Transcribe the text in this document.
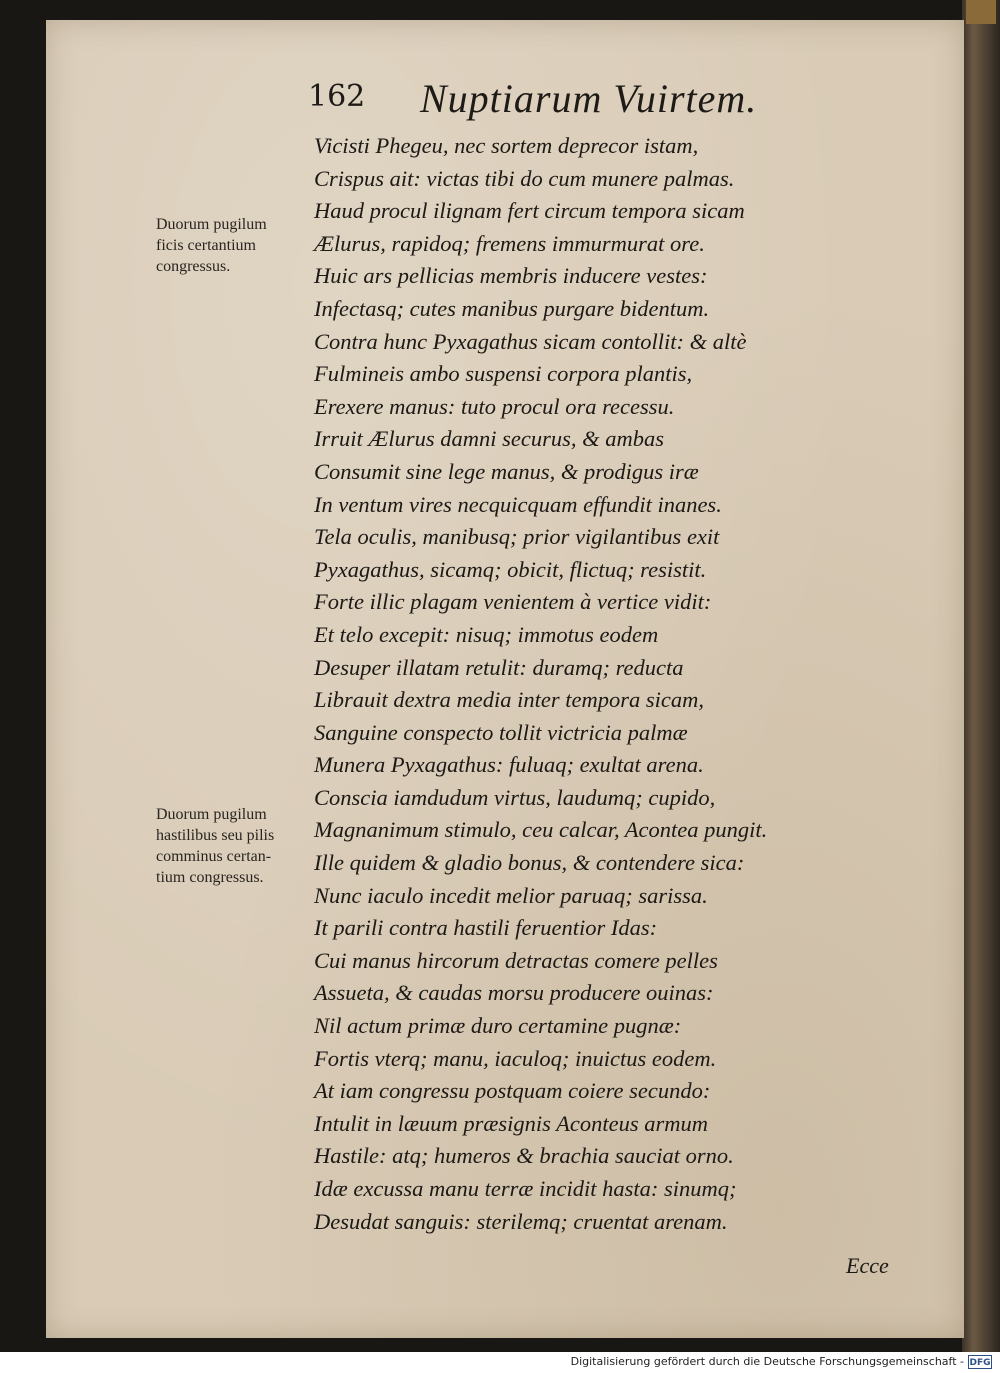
162 Nuptiarum Vuirtem.
Duorum pugilum
ficis certantium
congressus.
Duorum pugilum
hastilibus seu pilis
comminus certan-
tium congressus.
Vicisti Phegeu, nec sortem deprecor istam,
Crispus ait: victas tibi do cum munere palmas.
Haud procul ilignam fert circum tempora sicam
Ælurus, rapidoq; fremens immurmurat ore.
Huic ars pellicias membris inducere vestes:
Infectasq; cutes manibus purgare bidentum.
Contra hunc Pyxagathus sicam contollit: & altè
Fulmineis ambo suspensi corpora plantis,
Erexere manus: tuto procul ora recessu.
Irruit Ælurus damni securus, & ambas
Consumit sine lege manus, & prodigus iræ
In ventum vires necquicquam effundit inanes.
Tela oculis, manibusq; prior vigilantibus exit
Pyxagathus, sicamq; obicit, flictuq; resistit.
Forte illic plagam venientem à vertice vidit:
Et telo excepit: nisuq; immotus eodem
Desuper illatam retulit: duramq; reducta
Librauit dextra media inter tempora sicam,
Sanguine conspecto tollit victricia palmæ
Munera Pyxagathus: fuluaq; exultat arena.
Conscia iamdudum virtus, laudumq; cupido,
Magnanimum stimulo, ceu calcar, Acontea pungit.
Ille quidem & gladio bonus, & contendere sica:
Nunc iaculo incedit melior paruaq; sarissa.
It parili contra hastili feruentior Idas:
Cui manus hircorum detractas comere pelles
Assueta, & caudas morsu producere ouinas:
Nil actum primæ duro certamine pugnæ:
Fortis vterq; manu, iaculoq; inuictus eodem.
At iam congressu postquam coiere secundo:
Intulit in læuum præsignis Aconteus armum
Hastile: atq; humeros & brachia sauciat orno.
Idæ excussa manu terræ incidit hasta: sinumq;
Desudat sanguis: sterilemq; cruentat arenam.
Ecce
Digitalisierung gefördert durch die Deutsche Forschungsgemeinschaft - DFG
